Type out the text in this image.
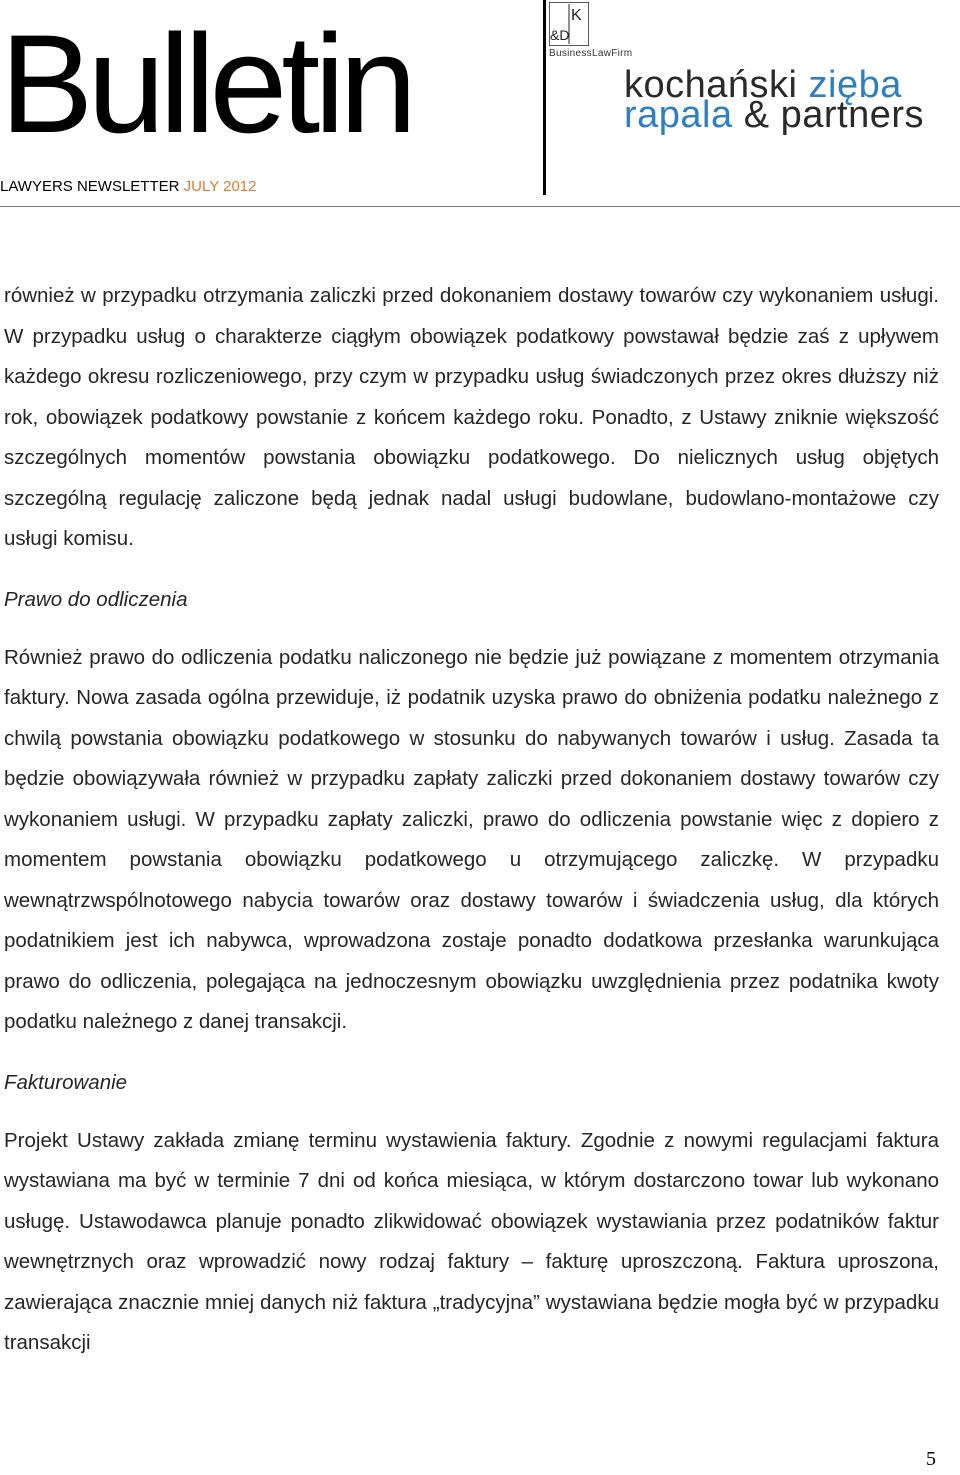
Bulletin
LAWYERS NEWSLETTER JULY 2012
K
&D
BusinessLawFirm
kochański zięba
rapala & partners

również w przypadku otrzymania zaliczki przed dokonaniem dostawy towarów czy wykonaniem usługi. W przypadku usług o charakterze ciągłym obowiązek podatkowy powstawał będzie zaś z upływem każdego okresu rozliczeniowego, przy czym w przypadku usług świadczonych przez okres dłuższy niż rok, obowiązek podatkowy powstanie z końcem każdego roku. Ponadto, z Ustawy zniknie większość szczególnych momentów powstania obowiązku podatkowego. Do nielicznych usług objętych szczególną regulację zaliczone będą jednak nadal usługi budowlane, budowlano-montażowe czy usługi komisu.

Prawo do odliczenia

Również prawo do odliczenia podatku naliczonego nie będzie już powiązane z momentem otrzymania faktury. Nowa zasada ogólna przewiduje, iż podatnik uzyska prawo do obniżenia podatku należnego z chwilą powstania obowiązku podatkowego w stosunku do nabywanych towarów i usług. Zasada ta będzie obowiązywała również w przypadku zapłaty zaliczki przed dokonaniem dostawy towarów czy wykonaniem usługi. W przypadku zapłaty zaliczki, prawo do odliczenia powstanie więc z dopiero z momentem powstania obowiązku podatkowego u otrzymującego zaliczkę. W przypadku wewnątrzwspólnotowego nabycia towarów oraz dostawy towarów i świadczenia usług, dla których podatnikiem jest ich nabywca, wprowadzona zostaje ponadto dodatkowa przesłanka warunkująca prawo do odliczenia, polegająca na jednoczesnym obowiązku uwzględnienia przez podatnika kwoty podatku należnego z danej transakcji.

Fakturowanie

Projekt Ustawy zakłada zmianę terminu wystawienia faktury. Zgodnie z nowymi regulacjami faktura wystawiana ma być w terminie 7 dni od końca miesiąca, w którym dostarczono towar lub wykonano usługę. Ustawodawca planuje ponadto zlikwidować obowiązek wystawiania przez podatników faktur wewnętrznych oraz wprowadzić nowy rodzaj faktury – fakturę uproszczoną. Faktura uproszona, zawierająca znacznie mniej danych niż faktura „tradycyjna” wystawiana będzie mogła być w przypadku transakcji

5
